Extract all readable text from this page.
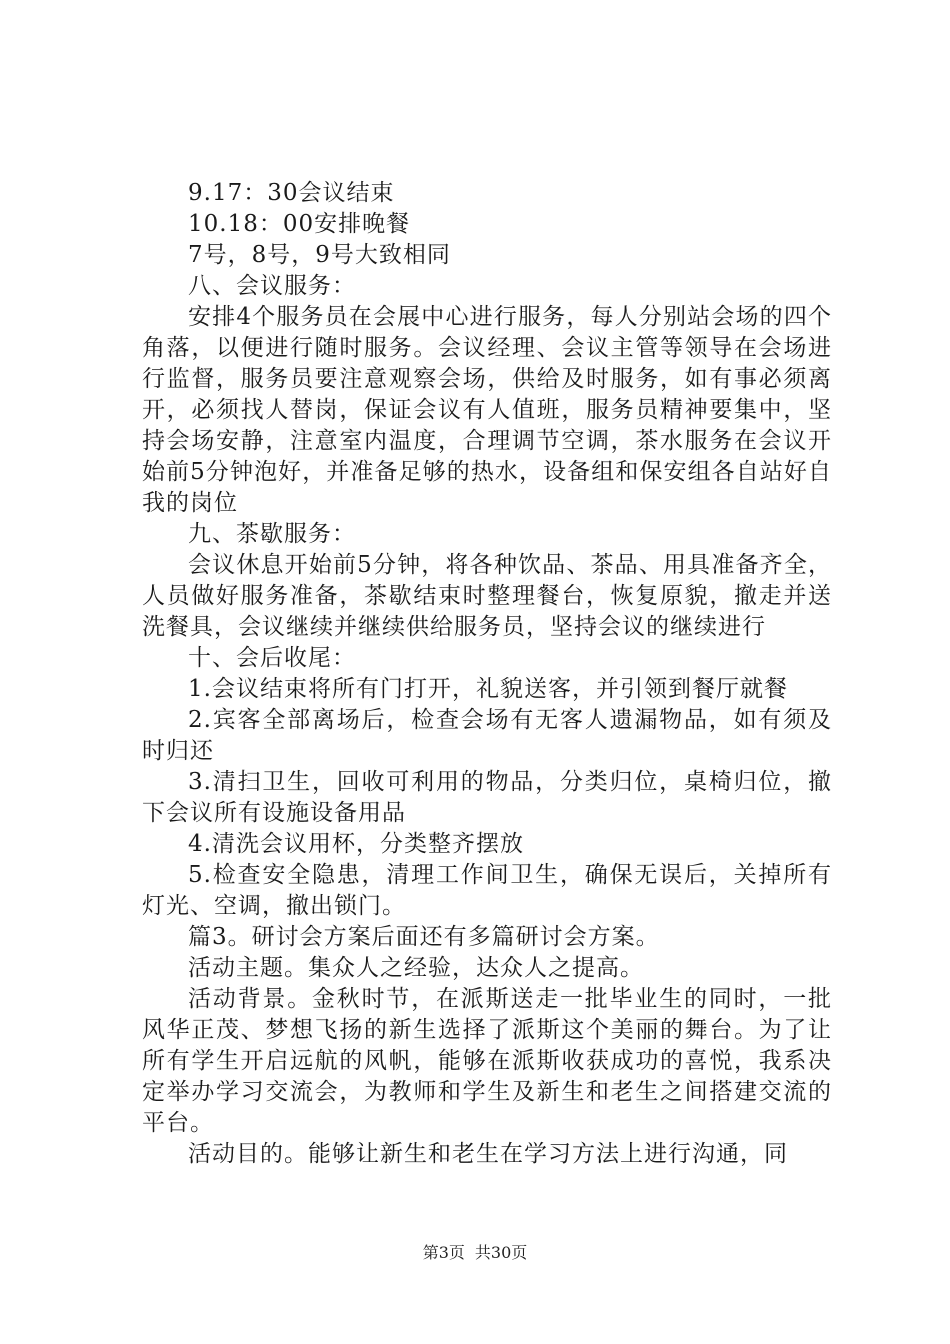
9.17：30会议结束

10.18：00安排晚餐

7号，8号，9号大致相同

八、会议服务：

安排4个服务员在会展中心进行服务，每人分别站会场的四个角落，以便进行随时服务。会议经理、会议主管等领导在会场进行监督，服务员要注意观察会场，供给及时服务，如有事必须离开，必须找人替岗，保证会议有人值班，服务员精神要集中，坚持会场安静，注意室内温度，合理调节空调，茶水服务在会议开始前5分钟泡好，并准备足够的热水，设备组和保安组各自站好自我的岗位

九、茶歇服务：

会议休息开始前5分钟，将各种饮品、茶品、用具准备齐全，人员做好服务准备，茶歇结束时整理餐台，恢复原貌，撤走并送洗餐具，会议继续并继续供给服务员，坚持会议的继续进行

十、会后收尾：

1.会议结束将所有门打开，礼貌送客，并引领到餐厅就餐

2.宾客全部离场后，检查会场有无客人遗漏物品，如有须及时归还

3.清扫卫生，回收可利用的物品，分类归位，桌椅归位，撤下会议所有设施设备用品

4.清洗会议用杯，分类整齐摆放

5.检查安全隐患，清理工作间卫生，确保无误后，关掉所有灯光、空调，撤出锁门。

篇3。研讨会方案后面还有多篇研讨会方案。

活动主题。集众人之经验，达众人之提高。

活动背景。金秋时节，在派斯送走一批毕业生的同时，一批风华正茂、梦想飞扬的新生选择了派斯这个美丽的舞台。为了让所有学生开启远航的风帆，能够在派斯收获成功的喜悦，我系决定举办学习交流会，为教师和学生及新生和老生之间搭建交流的平台。

活动目的。能够让新生和老生在学习方法上进行沟通，同

第3页 共30页
